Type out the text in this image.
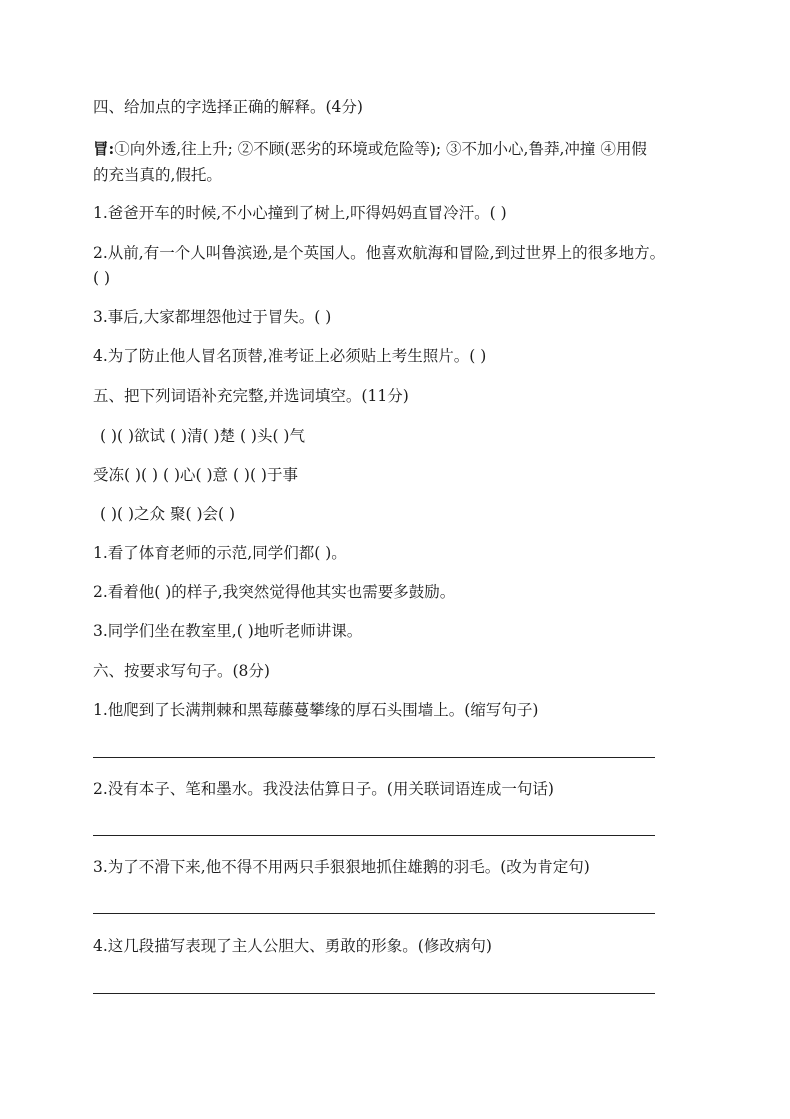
四、给加点的字选择正确的解释。(4分)
冒:①向外透,往上升; ②不顾(恶劣的环境或危险等); ③不加小心,鲁莽,冲撞 ④用假
的充当真的,假托。
1.爸爸开车的时候,不小心撞到了树上,吓得妈妈直冒冷汗。( )
2.从前,有一个人叫鲁滨逊,是个英国人。他喜欢航海和冒险,到过世界上的很多地方。
( )
3.事后,大家都埋怨他过于冒失。( )
4.为了防止他人冒名顶替,准考证上必须贴上考生照片。( )
五、把下列词语补充完整,并选词填空。(11分)
( )( )欲试 ( )清( )楚 ( )头( )气
受冻( )( ) ( )心( )意 ( )( )于事
( )( )之众 聚( )会( )
1.看了体育老师的示范,同学们都( )。
2.看着他( )的样子,我突然觉得他其实也需要多鼓励。
3.同学们坐在教室里,( )地听老师讲课。
六、按要求写句子。(8分)
1.他爬到了长满荆棘和黑莓藤蔓攀缘的厚石头围墙上。(缩写句子)
2.没有本子、笔和墨水。我没法估算日子。(用关联词语连成一句话)
3.为了不滑下来,他不得不用两只手狠狠地抓住雄鹅的羽毛。(改为肯定句)
4.这几段描写表现了主人公胆大、勇敢的形象。(修改病句)
